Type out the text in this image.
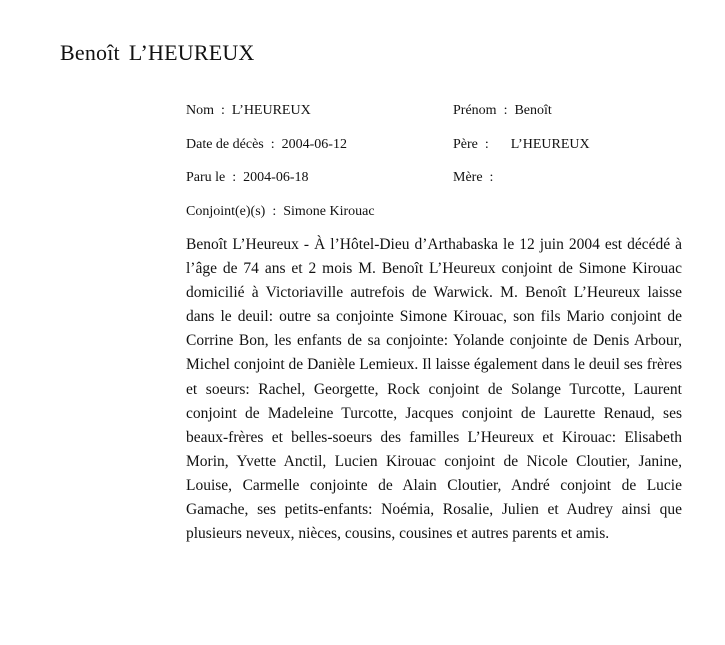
Benoît L’HEUREUX
Nom : L’HEUREUX	Prénom : Benoît
Date de décès : 2004-06-12	Père : L’HEUREUX
Paru le : 2004-06-18	Mère :
Conjoint(e)(s) : Simone Kirouac
Benoît L’Heureux - À l’Hôtel-Dieu d’Arthabaska le 12 juin 2004 est décédé à l’âge de 74 ans et 2 mois M. Benoît L’Heureux conjoint de Simone Kirouac domicilié à Victoriaville autrefois de Warwick. M. Benoît L’Heureux laisse dans le deuil: outre sa conjointe Simone Kirouac, son fils Mario conjoint de Corrine Bon, les enfants de sa conjointe: Yolande conjointe de Denis Arbour, Michel conjoint de Danièle Lemieux. Il laisse également dans le deuil ses frères et soeurs: Rachel, Georgette, Rock conjoint de Solange Turcotte, Laurent conjoint de Madeleine Turcotte, Jacques conjoint de Laurette Renaud, ses beaux-frères et belles-soeurs des familles L’Heureux et Kirouac: Elisabeth Morin, Yvette Anctil, Lucien Kirouac conjoint de Nicole Cloutier, Janine, Louise, Carmelle conjointe de Alain Cloutier, André conjoint de Lucie Gamache, ses petits-enfants: Noémia, Rosalie, Julien et Audrey ainsi que plusieurs neveux, nièces, cousins, cousines et autres parents et amis.
